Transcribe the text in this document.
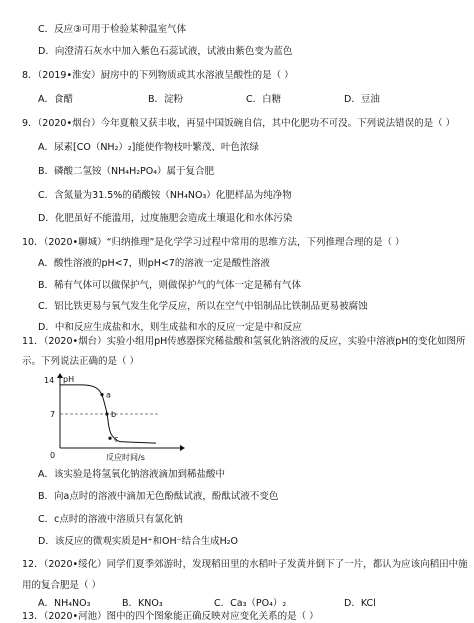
C．反应③可用于检验某种温室气体
D．向澄清石灰水中加入紫色石蕊试液，试液由紫色变为蓝色
8．（2019•淮安）厨房中的下列物质或其水溶液呈酸性的是（ ）
A．食醋	B．淀粉	C．白糖	D．豆油
9．（2020•烟台）今年夏粮又获丰收，再显中国饭碗自信，其中化肥功不可没。下列说法错误的是（ ）
A．尿素[CO（NH₂）₂]能使作物枝叶繁茂、叶色浓绿
B．磷酸二氢铵（NH₄H₂PO₄）属于复合肥
C．含氮量为31.5%的硝酸铵（NH₄NO₃）化肥样品为纯净物
D．化肥虽好不能滥用，过度施肥会造成土壤退化和水体污染
10．（2020•聊城）“归纳推理”是化学学习过程中常用的思维方法，下列推理合理的是（ ）
A．酸性溶液的pH<7，则pH<7的溶液一定是酸性溶液
B．稀有气体可以做保护气，则做保护气的气体一定是稀有气体
C．铝比铁更易与氧气发生化学反应，所以在空气中铝制品比铁制品更易被腐蚀
D．中和反应生成盐和水，则生成盐和水的反应一定是中和反应
11．（2020•烟台）实验小组用pH传感器探究稀盐酸和氢氧化钠溶液的反应，实验中溶液pH的变化如图所
示。下列说法正确的是（ ）
14
7
0
pH
反应时间/s
a
b
c
A．该实验是将氢氧化钠溶液滴加到稀盐酸中
B．向a点时的溶液中滴加无色酚酞试液，酚酞试液不变色
C．c点时的溶液中溶质只有氯化钠
D．该反应的微观实质是H⁺和OH⁻结合生成H₂O
12．（2020•绥化）同学们夏季郊游时，发现稻田里的水稻叶子发黄并倒下了一片，都认为应该向稻田中施
用的复合肥是（ ）
A．NH₄NO₃	B．KNO₃	C．Ca₃（PO₄）₂	D．KCl
13．（2020•河池）图中的四个图象能正确反映对应变化关系的是（ ）
